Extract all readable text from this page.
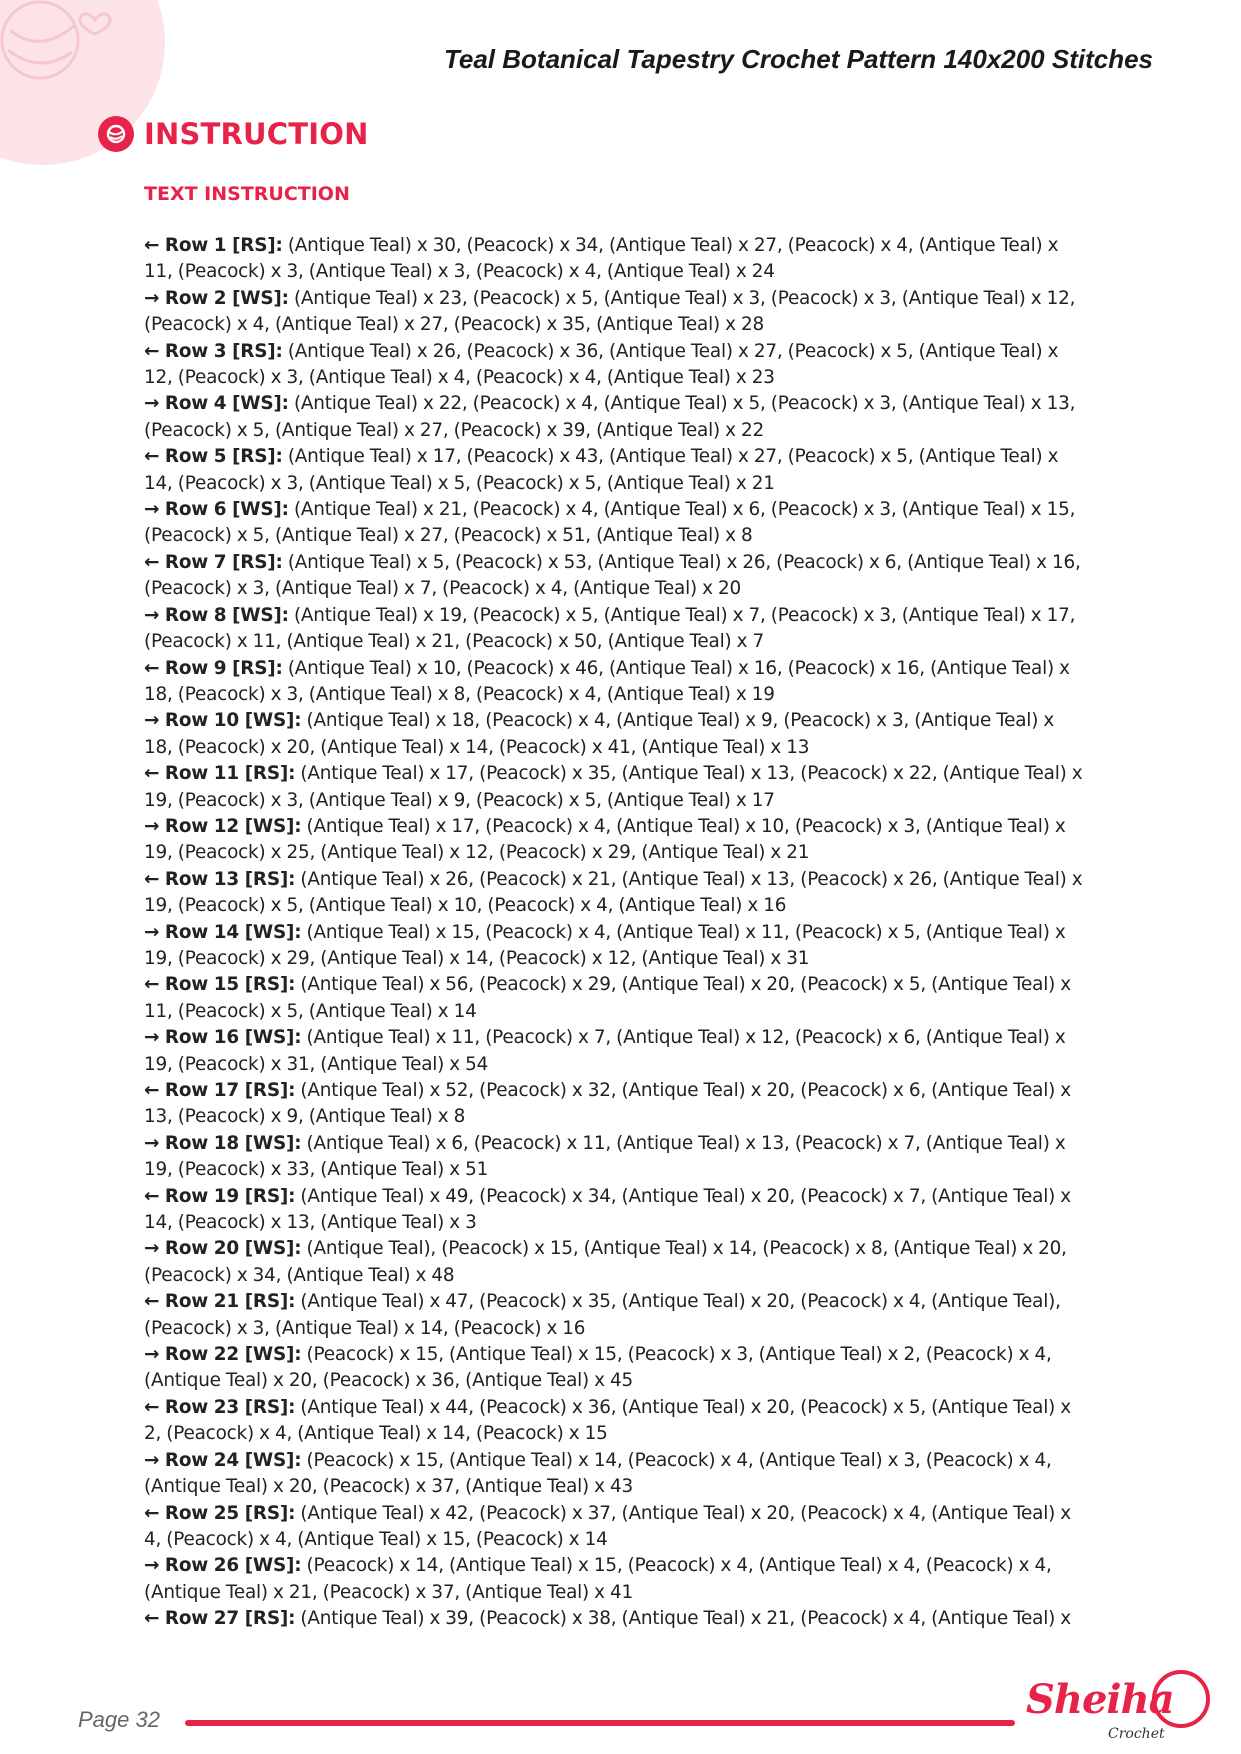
Teal Botanical Tapestry Crochet Pattern 140x200 Stitches
INSTRUCTION
TEXT INSTRUCTION

← Row 1 [RS]: (Antique Teal) x 30, (Peacock) x 34, (Antique Teal) x 27, (Peacock) x 4, (Antique Teal) x 11, (Peacock) x 3, (Antique Teal) x 3, (Peacock) x 4, (Antique Teal) x 24

→ Row 2 [WS]: (Antique Teal) x 23, (Peacock) x 5, (Antique Teal) x 3, (Peacock) x 3, (Antique Teal) x 12, (Peacock) x 4, (Antique Teal) x 27, (Peacock) x 35, (Antique Teal) x 28

← Row 3 [RS]: (Antique Teal) x 26, (Peacock) x 36, (Antique Teal) x 27, (Peacock) x 5, (Antique Teal) x 12, (Peacock) x 3, (Antique Teal) x 4, (Peacock) x 4, (Antique Teal) x 23

→ Row 4 [WS]: (Antique Teal) x 22, (Peacock) x 4, (Antique Teal) x 5, (Peacock) x 3, (Antique Teal) x 13, (Peacock) x 5, (Antique Teal) x 27, (Peacock) x 39, (Antique Teal) x 22

← Row 5 [RS]: (Antique Teal) x 17, (Peacock) x 43, (Antique Teal) x 27, (Peacock) x 5, (Antique Teal) x 14, (Peacock) x 3, (Antique Teal) x 5, (Peacock) x 5, (Antique Teal) x 21

→ Row 6 [WS]: (Antique Teal) x 21, (Peacock) x 4, (Antique Teal) x 6, (Peacock) x 3, (Antique Teal) x 15, (Peacock) x 5, (Antique Teal) x 27, (Peacock) x 51, (Antique Teal) x 8

← Row 7 [RS]: (Antique Teal) x 5, (Peacock) x 53, (Antique Teal) x 26, (Peacock) x 6, (Antique Teal) x 16, (Peacock) x 3, (Antique Teal) x 7, (Peacock) x 4, (Antique Teal) x 20

→ Row 8 [WS]: (Antique Teal) x 19, (Peacock) x 5, (Antique Teal) x 7, (Peacock) x 3, (Antique Teal) x 17, (Peacock) x 11, (Antique Teal) x 21, (Peacock) x 50, (Antique Teal) x 7

← Row 9 [RS]: (Antique Teal) x 10, (Peacock) x 46, (Antique Teal) x 16, (Peacock) x 16, (Antique Teal) x 18, (Peacock) x 3, (Antique Teal) x 8, (Peacock) x 4, (Antique Teal) x 19

→ Row 10 [WS]: (Antique Teal) x 18, (Peacock) x 4, (Antique Teal) x 9, (Peacock) x 3, (Antique Teal) x 18, (Peacock) x 20, (Antique Teal) x 14, (Peacock) x 41, (Antique Teal) x 13

← Row 11 [RS]: (Antique Teal) x 17, (Peacock) x 35, (Antique Teal) x 13, (Peacock) x 22, (Antique Teal) x 19, (Peacock) x 3, (Antique Teal) x 9, (Peacock) x 5, (Antique Teal) x 17

→ Row 12 [WS]: (Antique Teal) x 17, (Peacock) x 4, (Antique Teal) x 10, (Peacock) x 3, (Antique Teal) x 19, (Peacock) x 25, (Antique Teal) x 12, (Peacock) x 29, (Antique Teal) x 21

← Row 13 [RS]: (Antique Teal) x 26, (Peacock) x 21, (Antique Teal) x 13, (Peacock) x 26, (Antique Teal) x 19, (Peacock) x 5, (Antique Teal) x 10, (Peacock) x 4, (Antique Teal) x 16

→ Row 14 [WS]: (Antique Teal) x 15, (Peacock) x 4, (Antique Teal) x 11, (Peacock) x 5, (Antique Teal) x 19, (Peacock) x 29, (Antique Teal) x 14, (Peacock) x 12, (Antique Teal) x 31

← Row 15 [RS]: (Antique Teal) x 56, (Peacock) x 29, (Antique Teal) x 20, (Peacock) x 5, (Antique Teal) x 11, (Peacock) x 5, (Antique Teal) x 14

→ Row 16 [WS]: (Antique Teal) x 11, (Peacock) x 7, (Antique Teal) x 12, (Peacock) x 6, (Antique Teal) x 19, (Peacock) x 31, (Antique Teal) x 54

← Row 17 [RS]: (Antique Teal) x 52, (Peacock) x 32, (Antique Teal) x 20, (Peacock) x 6, (Antique Teal) x 13, (Peacock) x 9, (Antique Teal) x 8

→ Row 18 [WS]: (Antique Teal) x 6, (Peacock) x 11, (Antique Teal) x 13, (Peacock) x 7, (Antique Teal) x 19, (Peacock) x 33, (Antique Teal) x 51

← Row 19 [RS]: (Antique Teal) x 49, (Peacock) x 34, (Antique Teal) x 20, (Peacock) x 7, (Antique Teal) x 14, (Peacock) x 13, (Antique Teal) x 3

→ Row 20 [WS]: (Antique Teal), (Peacock) x 15, (Antique Teal) x 14, (Peacock) x 8, (Antique Teal) x 20, (Peacock) x 34, (Antique Teal) x 48

← Row 21 [RS]: (Antique Teal) x 47, (Peacock) x 35, (Antique Teal) x 20, (Peacock) x 4, (Antique Teal), (Peacock) x 3, (Antique Teal) x 14, (Peacock) x 16

→ Row 22 [WS]: (Peacock) x 15, (Antique Teal) x 15, (Peacock) x 3, (Antique Teal) x 2, (Peacock) x 4, (Antique Teal) x 20, (Peacock) x 36, (Antique Teal) x 45

← Row 23 [RS]: (Antique Teal) x 44, (Peacock) x 36, (Antique Teal) x 20, (Peacock) x 5, (Antique Teal) x 2, (Peacock) x 4, (Antique Teal) x 14, (Peacock) x 15

→ Row 24 [WS]: (Peacock) x 15, (Antique Teal) x 14, (Peacock) x 4, (Antique Teal) x 3, (Peacock) x 4, (Antique Teal) x 20, (Peacock) x 37, (Antique Teal) x 43

← Row 25 [RS]: (Antique Teal) x 42, (Peacock) x 37, (Antique Teal) x 20, (Peacock) x 4, (Antique Teal) x 4, (Peacock) x 4, (Antique Teal) x 15, (Peacock) x 14

→ Row 26 [WS]: (Peacock) x 14, (Antique Teal) x 15, (Peacock) x 4, (Antique Teal) x 4, (Peacock) x 4, (Antique Teal) x 21, (Peacock) x 37, (Antique Teal) x 41

← Row 27 [RS]: (Antique Teal) x 39, (Peacock) x 38, (Antique Teal) x 21, (Peacock) x 4, (Antique Teal) x

Page 32	Sheiha
Crochet
